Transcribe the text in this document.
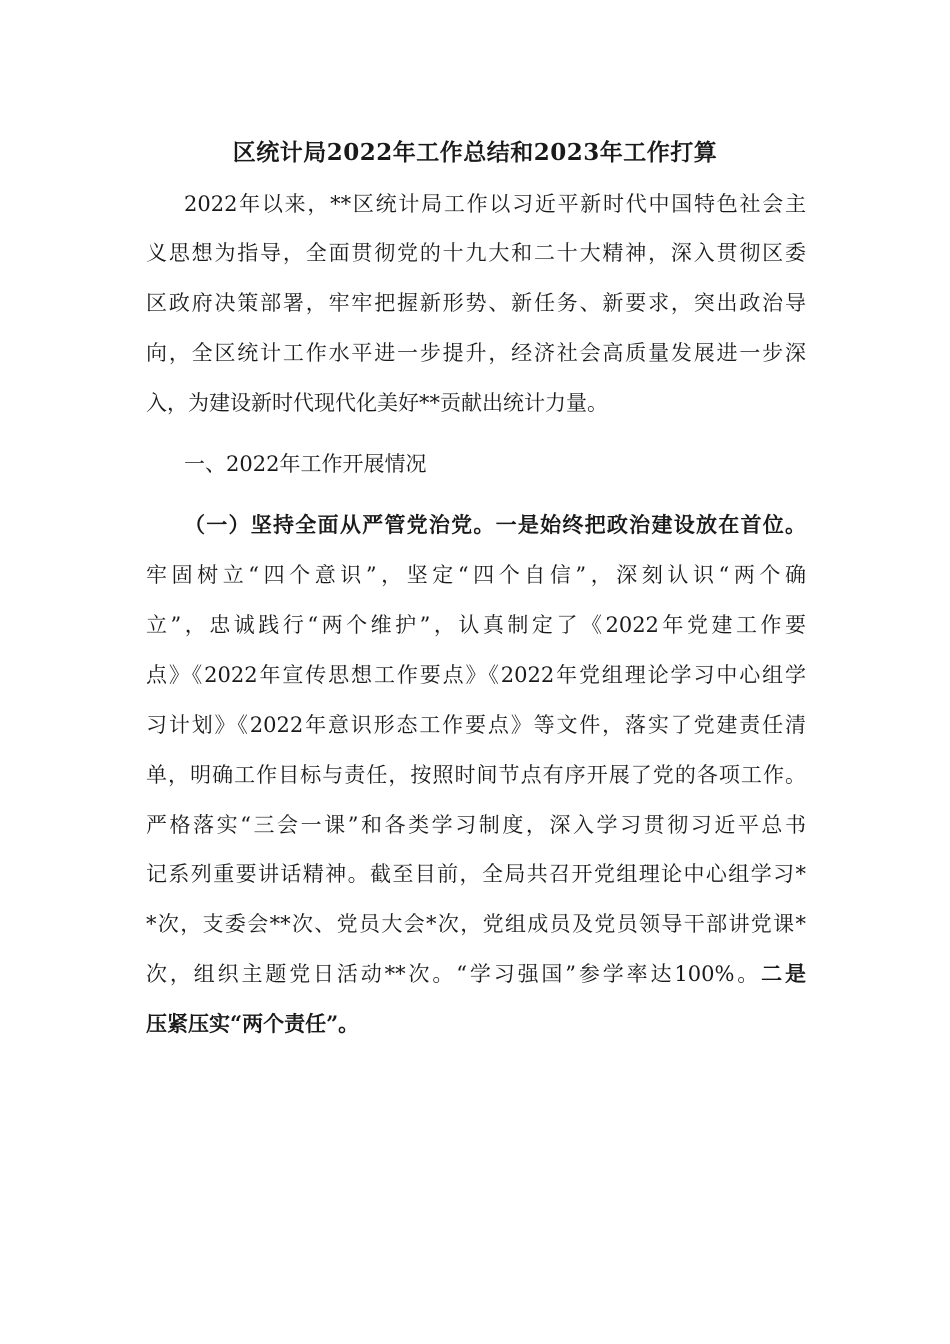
区统计局2022年工作总结和2023年工作打算
2022年以来，**区统计局工作以习近平新时代中国特色社会主
义思想为指导，全面贯彻党的十九大和二十大精神，深入贯彻区委
区政府决策部署，牢牢把握新形势、新任务、新要求，突出政治导
向，全区统计工作水平进一步提升，经济社会高质量发展进一步深
入，为建设新时代现代化美好**贡献出统计力量。
一、2022年工作开展情况
（一）坚持全面从严管党治党。一是始终把政治建设放在首位。
牢固树立“四个意识”，坚定“四个自信”，深刻认识“两个确
立”，忠诚践行“两个维护”，认真制定了《2022年党建工作要
点》《2022年宣传思想工作要点》《2022年党组理论学习中心组学
习计划》《2022年意识形态工作要点》等文件，落实了党建责任清
单，明确工作目标与责任，按照时间节点有序开展了党的各项工作。
严格落实“三会一课”和各类学习制度，深入学习贯彻习近平总书
记系列重要讲话精神。截至目前，全局共召开党组理论中心组学习*
*次，支委会**次、党员大会*次，党组成员及党员领导干部讲党课*
次，组织主题党日活动**次。“学习强国”参学率达100%。二是
压紧压实“两个责任”。
